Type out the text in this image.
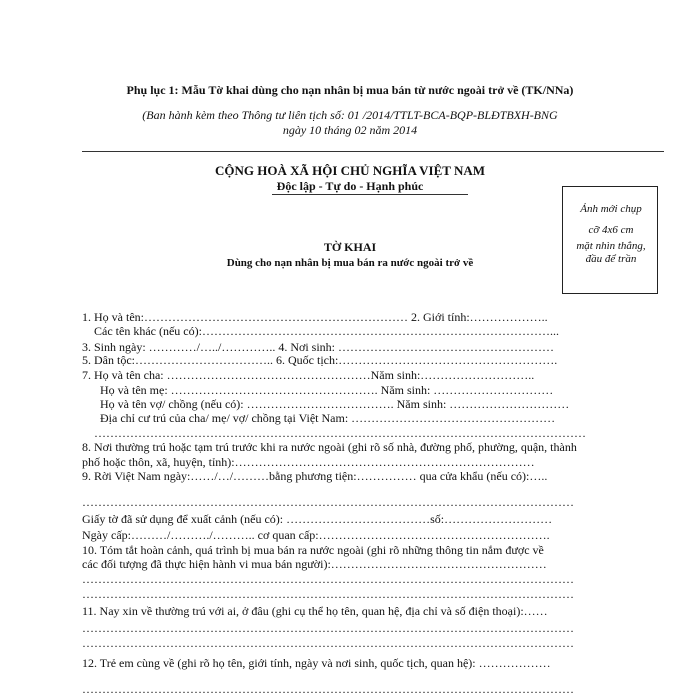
Phụ lục 1: Mẫu Tờ khai dùng cho nạn nhân bị mua bán từ nước ngoài trở về (TK/NNa)
(Ban hành kèm theo Thông tư liên tịch số: 01 /2014/TTLT-BCA-BQP-BLĐTBXH-BNG
ngày 10 tháng 02 năm 2014
CỘNG HOÀ XÃ HỘI CHỦ NGHĨA VIỆT NAM
Độc lập - Tự do - Hạnh phúc
Ảnh mới chụp
cỡ 4x6 cm
mặt nhìn thẳng,
đầu để trần
TỜ KHAI
Dùng cho nạn nhân bị mua bán ra nước ngoài trở về
1. Họ và tên:………………………………………………………… 2. Giới tính:………………..
Các tên khác (nếu có):……………………………………………………………………………...
3. Sinh ngày: …………/…../………….. 4. Nơi sinh: ………………………………………………
5. Dân tộc:…………………………….. 6. Quốc tịch:……………………………………………….
7. Họ và tên cha: ……………………………………………Năm sinh:………………………..
Họ và tên mẹ: ……………………………………………. Năm sinh: …………………………
Họ và tên vợ/ chồng (nếu có): ………………………………. Năm sinh: …………………………
Địa chỉ cư trú của cha/ mẹ/ vợ/ chồng tại Việt Nam: ……………………………………………
……………………………………………………………………………………………………………
8. Nơi thường trú hoặc tạm trú trước khi ra nước ngoài (ghi rõ số nhà, đường phố, phường, quận, thành
phố hoặc thôn, xã, huyện, tỉnh):…………………………………………………………………
9. Rời Việt Nam ngày:……/…/………bằng phương tiện:…………… qua cửa khẩu (nếu có):…..
……………………………………………………………………………………………………………
Giấy tờ đã sử dụng để xuất cảnh (nếu có): ………………………………số:………………………
Ngày cấp:………/………./……….. cơ quan cấp:………………………………………………….
10. Tóm tắt hoàn cảnh, quá trình bị mua bán ra nước ngoài (ghi rõ những thông tin nắm được về
các đối tượng đã thực hiện hành vi mua bán người):………………………………………………
……………………………………………………………………………………………………………
……………………………………………………………………………………………………………
11. Nay xin về thường trú với ai, ở đâu (ghi cụ thể họ tên, quan hệ, địa chỉ và số điện thoại):……
……………………………………………………………………………………………………………
……………………………………………………………………………………………………………
12. Trẻ em cùng về (ghi rõ họ tên, giới tính, ngày và nơi sinh, quốc tịch, quan hệ): ………………
……………………………………………………………………………………………………………
